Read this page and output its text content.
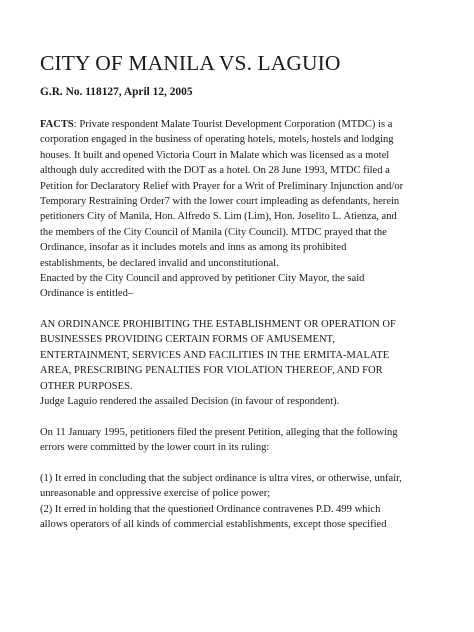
CITY OF MANILA VS. LAGUIO
G.R. No. 118127, April 12, 2005
FACTS: Private respondent Malate Tourist Development Corporation (MTDC) is a
corporation engaged in the business of operating hotels, motels, hostels and lodging
houses. It built and opened Victoria Court in Malate which was licensed as a motel
although duly accredited with the DOT as a hotel. On 28 June 1993, MTDC filed a
Petition for Declaratory Relief with Prayer for a Writ of Preliminary Injunction and/or
Temporary Restraining Order7 with the lower court impleading as defendants, herein
petitioners City of Manila, Hon. Alfredo S. Lim (Lim), Hon. Joselito L. Atienza, and
the members of the City Council of Manila (City Council). MTDC prayed that the
Ordinance, insofar as it includes motels and inns as among its prohibited
establishments, be declared invalid and unconstitutional.
Enacted by the City Council and approved by petitioner City Mayor, the said
Ordinance is entitled–
AN ORDINANCE PROHIBITING THE ESTABLISHMENT OR OPERATION OF
BUSINESSES PROVIDING CERTAIN FORMS OF AMUSEMENT,
ENTERTAINMENT, SERVICES AND FACILITIES IN THE ERMITA-MALATE
AREA, PRESCRIBING PENALTIES FOR VIOLATION THEREOF, AND FOR
OTHER PURPOSES.
Judge Laguio rendered the assailed Decision (in favour of respondent).
On 11 January 1995, petitioners filed the present Petition, alleging that the following
errors were committed by the lower court in its ruling:
(1) It erred in concluding that the subject ordinance is ultra vires, or otherwise, unfair,
unreasonable and oppressive exercise of police power;
(2) It erred in holding that the questioned Ordinance contravenes P.D. 499 which
allows operators of all kinds of commercial establishments, except those specified
